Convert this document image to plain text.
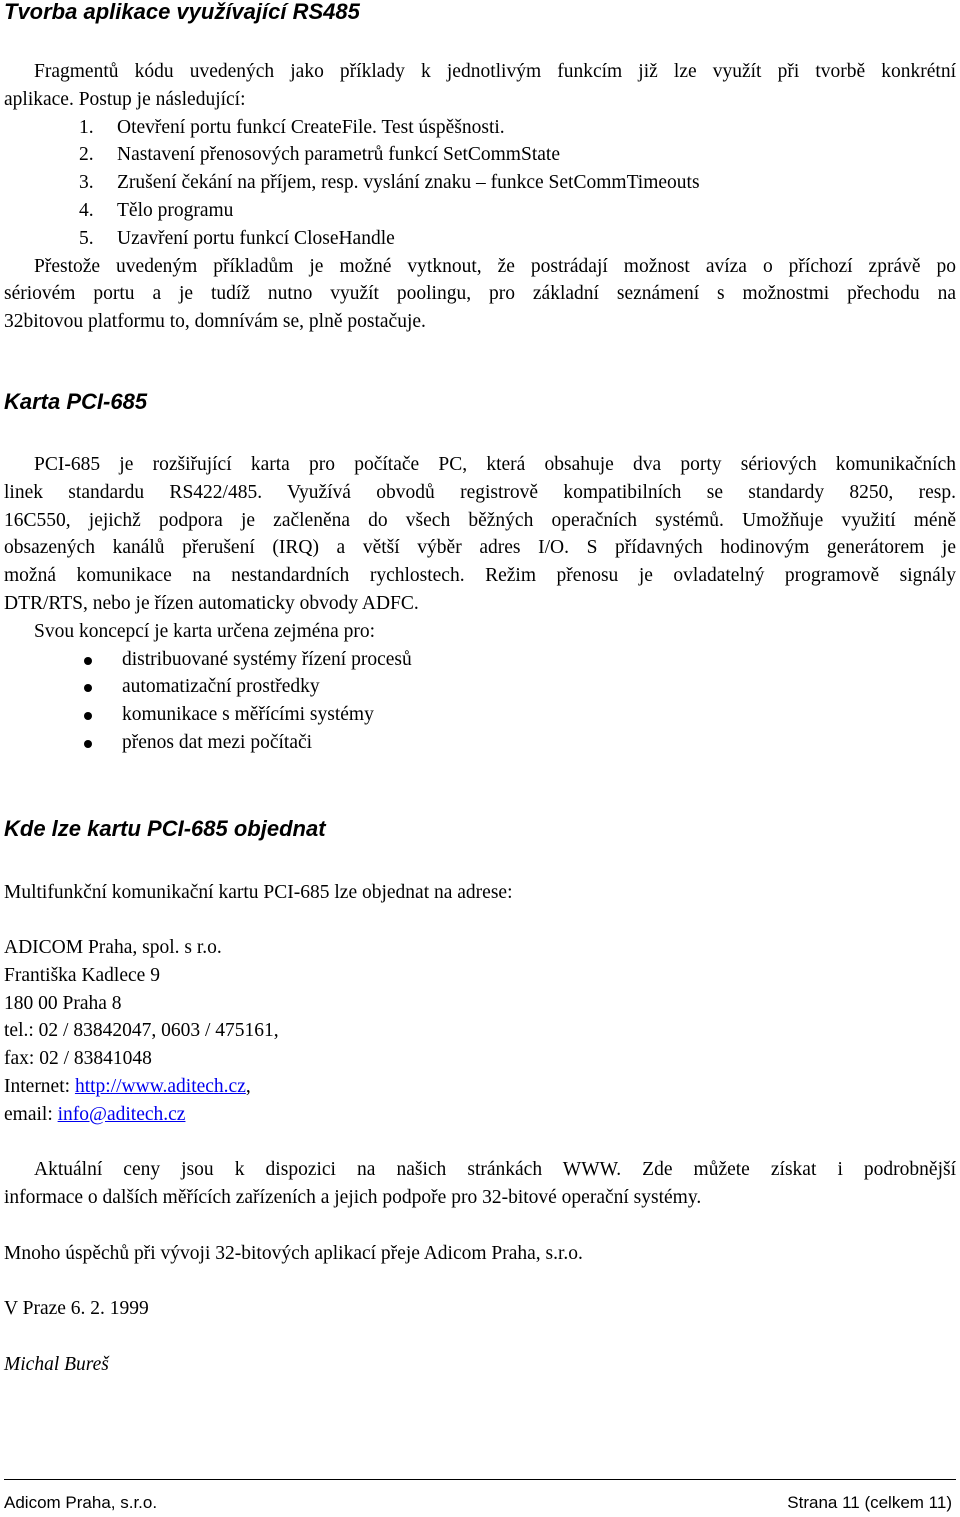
Tvorba aplikace využívající RS485
Fragmentů kódu uvedených jako příklady k jednotlivým funkcím již lze využít při tvorbě konkrétní
aplikace. Postup je následující:
1. Otevření portu funkcí CreateFile. Test úspěšnosti.
2. Nastavení přenosových parametrů funkcí SetCommState
3. Zrušení čekání na příjem, resp. vyslání znaku – funkce SetCommTimeouts
4. Tělo programu
5. Uzavření portu funkcí CloseHandle
Přestože uvedeným příkladům je možné vytknout, že postrádají možnost avíza o příchozí zprávě po
sériovém portu a je tudíž nutno využít poolingu, pro základní seznámení s možnostmi přechodu na
32bitovou platformu to, domnívám se, plně postačuje.
Karta PCI-685
PCI-685 je rozšiřující karta pro počítače PC, která obsahuje dva porty sériových komunikačních
linek standardu RS422/485. Využívá obvodů registrově kompatibilních se standardy 8250, resp.
16C550, jejichž podpora je začleněna do všech běžných operačních systémů. Umožňuje využití méně
obsazených kanálů přerušení (IRQ) a větší výběr adres I/O. S přídavných hodinovým generátorem je
možná komunikace na nestandardních rychlostech. Režim přenosu je ovladatelný programově signály
DTR/RTS, nebo je řízen automaticky obvody ADFC.
Svou koncepcí je karta určena zejména pro:
distribuované systémy řízení procesů
automatizační prostředky
komunikace s měřícími systémy
přenos dat mezi počítači
Kde lze kartu PCI-685 objednat
Multifunkční komunikační kartu PCI-685 lze objednat na adrese:
ADICOM Praha, spol. s r.o.
Františka Kadlece 9
180 00 Praha 8
tel.: 02 / 83842047, 0603 / 475161,
fax: 02 / 83841048
Internet: http://www.aditech.cz,
email: info@aditech.cz
Aktuální ceny jsou k dispozici na našich stránkách WWW. Zde můžete získat i podrobnější
informace o dalších měřících zařízeních a jejich podpoře pro 32-bitové operační systémy.
Mnoho úspěchů při vývoji 32-bitových aplikací přeje Adicom Praha, s.r.o.
V Praze 6. 2. 1999
Michal Bureš
Adicom Praha, s.r.o.	Strana 11 (celkem 11)
